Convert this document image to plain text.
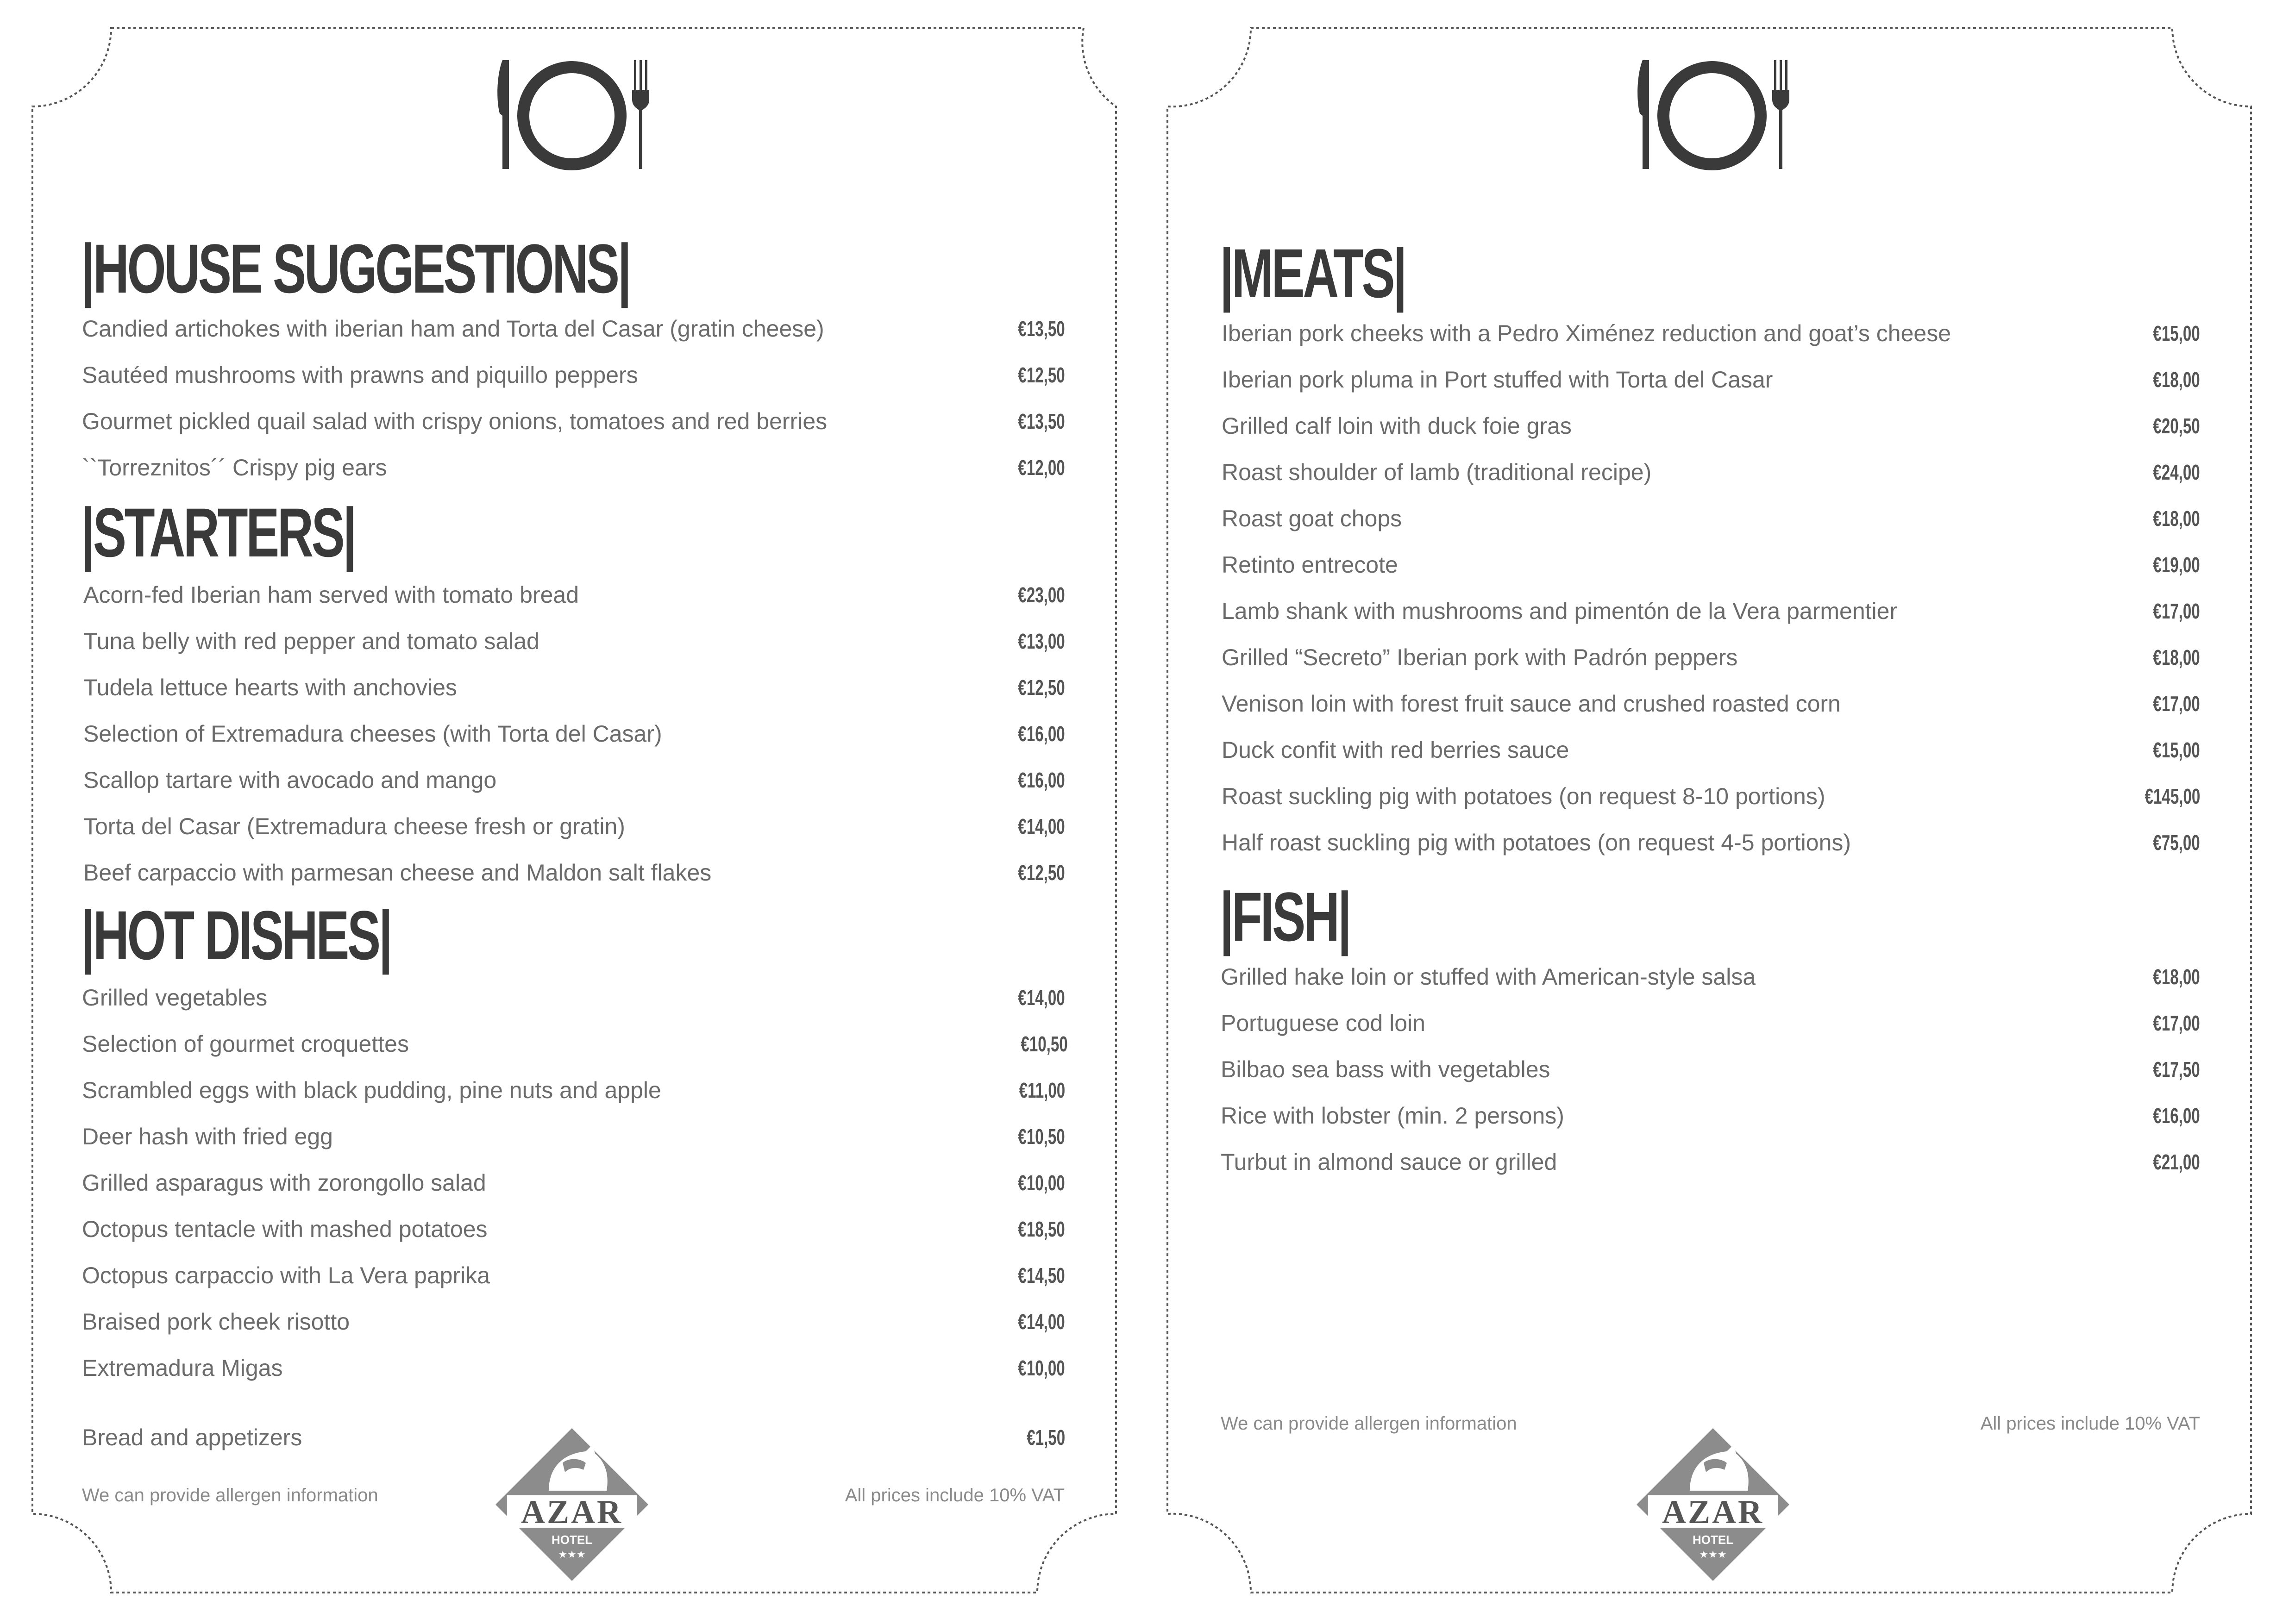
|HOUSE SUGGESTIONS|
Candied artichokes with iberian ham and Torta del Casar (gratin cheese)	€13,50
Sautéed mushrooms with prawns and piquillo peppers	€12,50
Gourmet pickled quail salad with crispy onions, tomatoes and red berries	€13,50
``Torreznitos´´ Crispy pig ears	€12,00
|STARTERS|
Acorn-fed Iberian ham served with tomato bread	€23,00
Tuna belly with red pepper and tomato salad	€13,00
Tudela lettuce hearts with anchovies	€12,50
Selection of Extremadura cheeses (with Torta del Casar)	€16,00
Scallop tartare with avocado and mango	€16,00
Torta del Casar (Extremadura cheese fresh or gratin)	€14,00
Beef carpaccio with parmesan cheese and Maldon salt flakes	€12,50
|HOT DISHES|
Grilled vegetables	€14,00
Selection of gourmet croquettes	€10,50
Scrambled eggs with black pudding, pine nuts and apple	€11,00
Deer hash with fried egg	€10,50
Grilled asparagus with zorongollo salad	€10,00
Octopus tentacle with mashed potatoes	€18,50
Octopus carpaccio with La Vera paprika	€14,50
Braised pork cheek risotto	€14,00
Extremadura Migas	€10,00
Bread and appetizers	€1,50
We can provide allergen information	All prices include 10% VAT
AZAR
HOTEL
★★★
|MEATS|
Iberian pork cheeks with a Pedro Ximénez reduction and goat’s cheese	€15,00
Iberian pork pluma in Port stuffed with Torta del Casar	€18,00
Grilled calf loin with duck foie gras	€20,50
Roast shoulder of lamb (traditional recipe)	€24,00
Roast goat chops	€18,00
Retinto entrecote	€19,00
Lamb shank with mushrooms and pimentón de la Vera parmentier	€17,00
Grilled “Secreto” Iberian pork with Padrón peppers	€18,00
Venison loin with forest fruit sauce and crushed roasted corn	€17,00
Duck confit with red berries sauce	€15,00
Roast suckling pig with potatoes (on request 8-10 portions)	€145,00
Half roast suckling pig with potatoes (on request 4-5 portions)	€75,00
|FISH|
Grilled hake loin or stuffed with American-style salsa	€18,00
Portuguese cod loin	€17,00
Bilbao sea bass with vegetables	€17,50
Rice with lobster (min. 2 persons)	€16,00
Turbut in almond sauce or grilled	€21,00
We can provide allergen information	All prices include 10% VAT
AZAR
HOTEL
★★★
